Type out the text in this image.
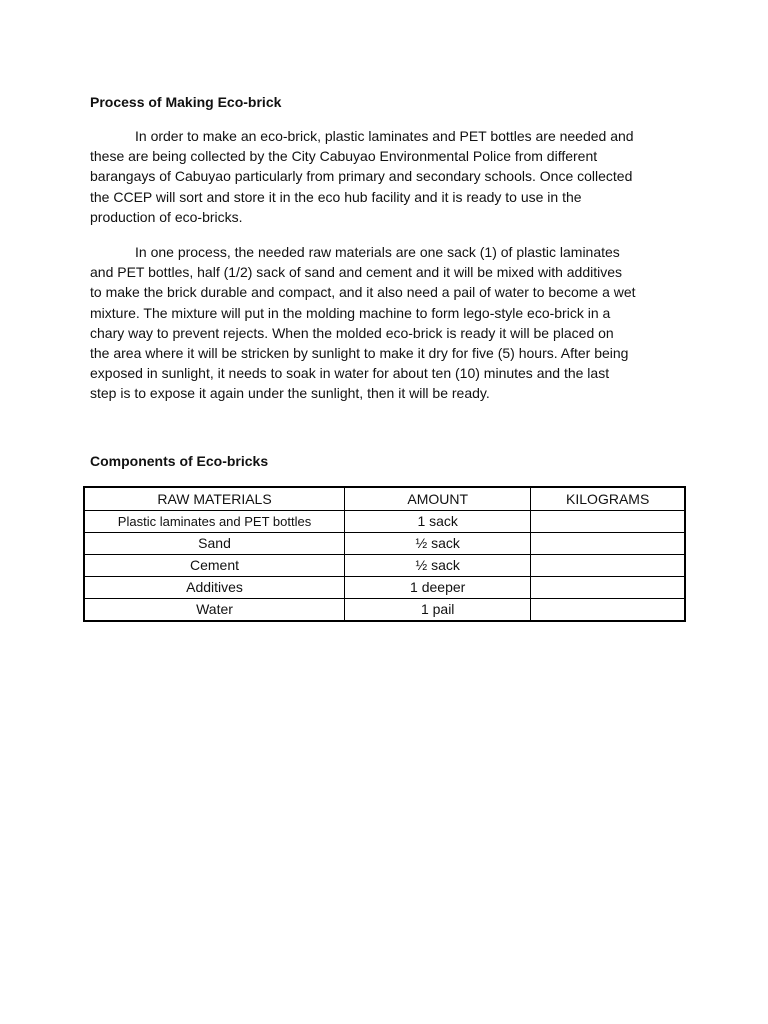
Process of Making Eco-brick

In order to make an eco-brick, plastic laminates and PET bottles are needed and
these are being collected by the City Cabuyao Environmental Police from different
barangays of Cabuyao particularly from primary and secondary schools. Once collected
the CCEP will sort and store it in the eco hub facility and it is ready to use in the
production of eco-bricks.

In one process, the needed raw materials are one sack (1) of plastic laminates
and PET bottles, half (1/2) sack of sand and cement and it will be mixed with additives
to make the brick durable and compact, and it also need a pail of water to become a wet
mixture. The mixture will put in the molding machine to form lego-style eco-brick in a
chary way to prevent rejects. When the molded eco-brick is ready it will be placed on
the area where it will be stricken by sunlight to make it dry for five (5) hours. After being
exposed in sunlight, it needs to soak in water for about ten (10) minutes and the last
step is to expose it again under the sunlight, then it will be ready.

Components of Eco-bricks
RAW MATERIALS	AMOUNT	KILOGRAMS
Plastic laminates and PET bottles	1 sack	
Sand	½ sack	
Cement	½ sack	
Additives	1 deeper	
Water	1 pail	
